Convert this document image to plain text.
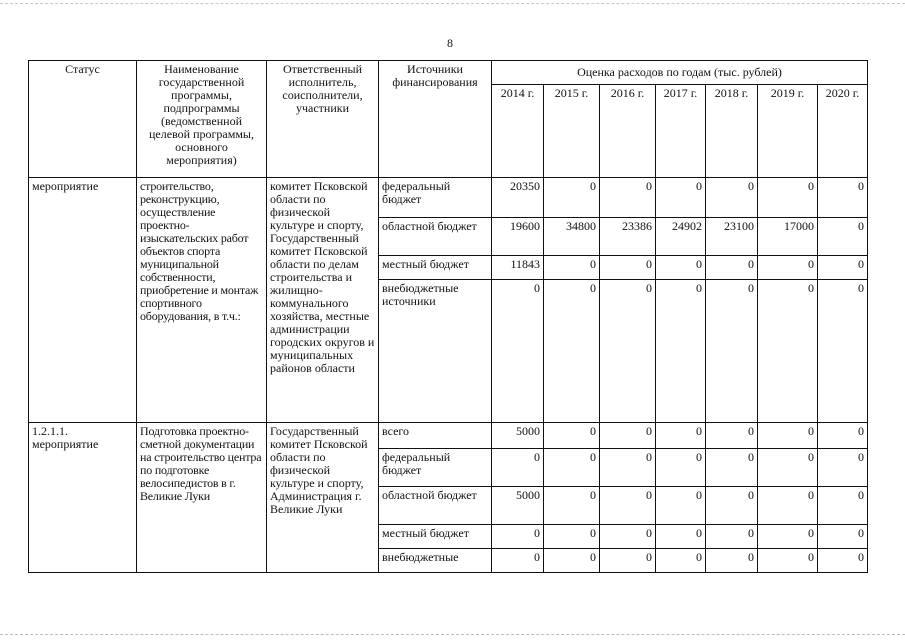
8
Статус	Наименование государственной программы, подпрограммы (ведомственной целевой программы, основного мероприятия)	Ответственный исполнитель, соисполнители, участники	Источники финансирования	Оценка расходов по годам (тыс. рублей)						
				2014 г.	2015 г.	2016 г.	2017 г.	2018 г.	2019 г.	2020 г.
мероприятие	строительство, реконструкцию, осуществление проектно-изыскательских работ объектов спорта муниципальной собственности, приобретение и монтаж спортивного оборудования, в т.ч.:	комитет Псковской области по физической культуре и спорту, Государственный комитет Псковской области по делам строительства и жилищно-коммунального хозяйства, местные администрации городских округов и муниципальных районов области	федеральный бюджет	20350	0	0	0	0	0	0
			областной бюджет	19600	34800	23386	24902	23100	17000	0
			местный бюджет	11843	0	0	0	0	0	0
			внебюджетные источники	0	0	0	0	0	0	0
1.2.1.1. мероприятие	Подготовка проектно-сметной документации на строительство центра по подготовке велосипедистов в г. Великие Луки	Государственный комитет Псковской области по физической культуре и спорту, Администрация г. Великие Луки	всего	5000	0	0	0	0	0	0
			федеральный бюджет	0	0	0	0	0	0	0
			областной бюджет	5000	0	0	0	0	0	0
			местный бюджет	0	0	0	0	0	0	0
			внебюджетные	0	0	0	0	0	0	0
